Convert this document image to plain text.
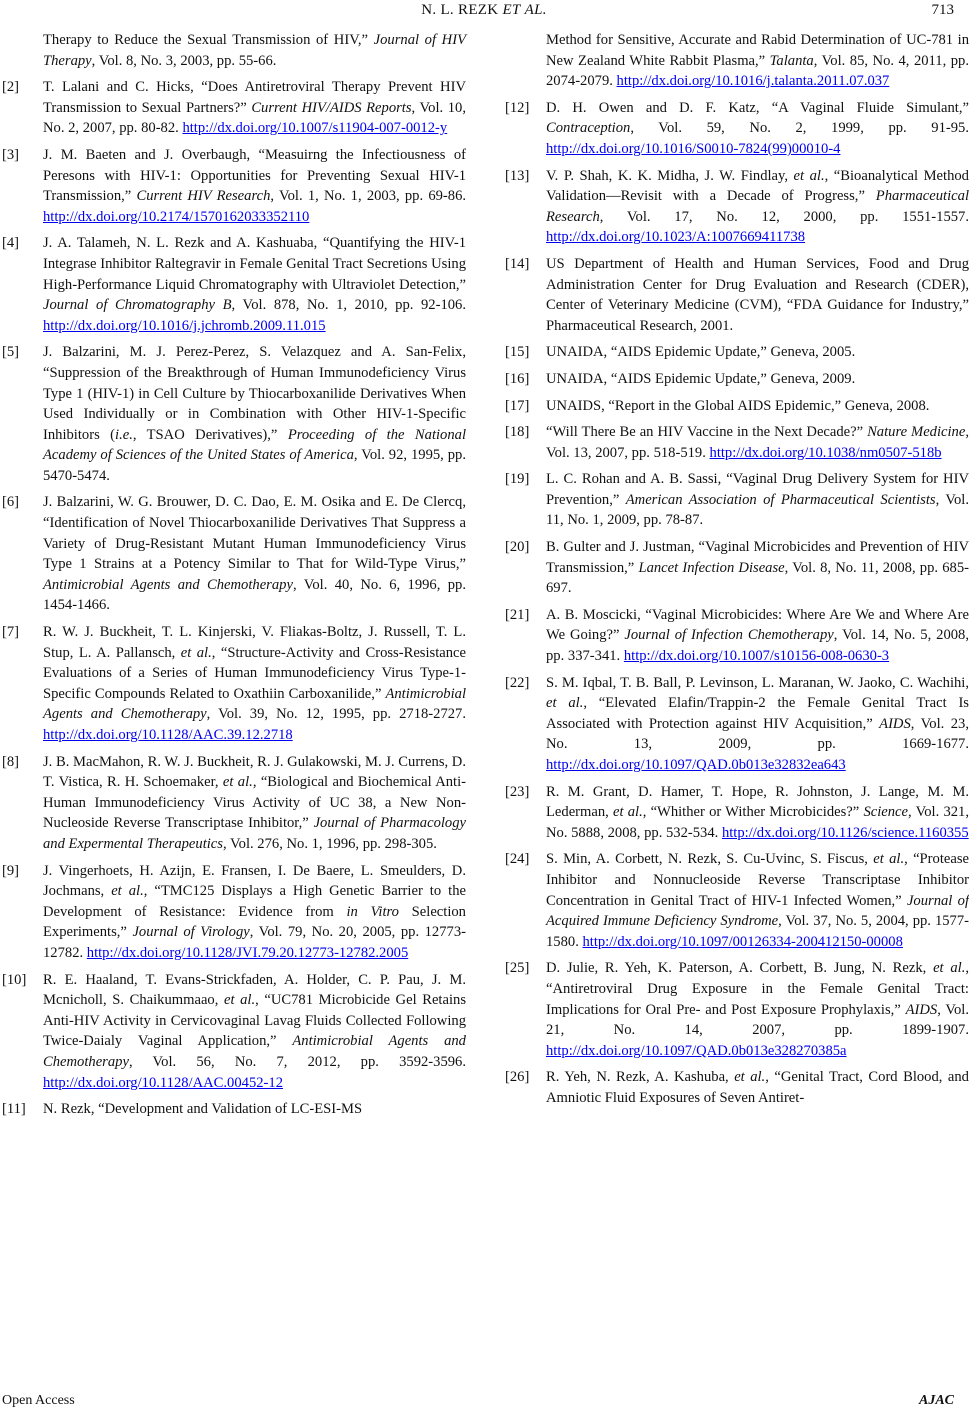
N. L. REZK ET AL.	713
Therapy to Reduce the Sexual Transmission of HIV,” Journal of HIV Therapy, Vol. 8, No. 3, 2003, pp. 55-66.
[2] T. Lalani and C. Hicks, “Does Antiretroviral Therapy Prevent HIV Transmission to Sexual Partners?” Current HIV/AIDS Reports, Vol. 10, No. 2, 2007, pp. 80-82. http://dx.doi.org/10.1007/s11904-007-0012-y
[3] J. M. Baeten and J. Overbaugh, “Measuirng the Infectiousness of Peresons with HIV-1: Opportunities for Preventing Sexual HIV-1 Transmission,” Current HIV Research, Vol. 1, No. 1, 2003, pp. 69-86. http://dx.doi.org/10.2174/1570162033352110
[4] J. A. Talameh, N. L. Rezk and A. Kashuaba, “Quantifying the HIV-1 Integrase Inhibitor Raltegravir in Female Genital Tract Secretions Using High-Performance Liquid Chromatography with Ultraviolet Detection,” Journal of Chromatography B, Vol. 878, No. 1, 2010, pp. 92-106. http://dx.doi.org/10.1016/j.jchromb.2009.11.015
[5] J. Balzarini, M. J. Perez-Perez, S. Velazquez and A. San-Felix, “Suppression of the Breakthrough of Human Immunodeficiency Virus Type 1 (HIV-1) in Cell Culture by Thiocarboxanilide Derivatives When Used Individually or in Combination with Other HIV-1-Specific Inhibitors (i.e., TSAO Derivatives),” Proceeding of the National Academy of Sciences of the United States of America, Vol. 92, 1995, pp. 5470-5474.
[6] J. Balzarini, W. G. Brouwer, D. C. Dao, E. M. Osika and E. De Clercq, “Identification of Novel Thiocarboxanilide Derivatives That Suppress a Variety of Drug-Resistant Mutant Human Immunodeficiency Virus Type 1 Strains at a Potency Similar to That for Wild-Type Virus,” Antimicrobial Agents and Chemotherapy, Vol. 40, No. 6, 1996, pp. 1454-1466.
[7] R. W. J. Buckheit, T. L. Kinjerski, V. Fliakas-Boltz, J. Russell, T. L. Stup, L. A. Pallansch, et al., “Structure-Activity and Cross-Resistance Evaluations of a Series of Human Immunodeficiency Virus Type-1-Specific Compounds Related to Oxathiin Carboxanilide,” Antimicrobial Agents and Chemotherapy, Vol. 39, No. 12, 1995, pp. 2718-2727. http://dx.doi.org/10.1128/AAC.39.12.2718
[8] J. B. MacMahon, R. W. J. Buckheit, R. J. Gulakowski, M. J. Currens, D. T. Vistica, R. H. Schoemaker, et al., “Biological and Biochemical Anti-Human Immunodeficiency Virus Activity of UC 38, a New Non-Nucleoside Reverse Transcriptase Inhibitor,” Journal of Pharmacology and Expermental Therapeutics, Vol. 276, No. 1, 1996, pp. 298-305.
[9] J. Vingerhoets, H. Azijn, E. Fransen, I. De Baere, L. Smeulders, D. Jochmans, et al., “TMC125 Displays a High Genetic Barrier to the Development of Resistance: Evidence from in Vitro Selection Experiments,” Journal of Virology, Vol. 79, No. 20, 2005, pp. 12773-12782. http://dx.doi.org/10.1128/JVI.79.20.12773-12782.2005
[10] R. E. Haaland, T. Evans-Strickfaden, A. Holder, C. P. Pau, J. M. Mcnicholl, S. Chaikummaao, et al., “UC781 Microbicide Gel Retains Anti-HIV Activity in Cervicovaginal Lavag Fluids Collected Following Twice-Daialy Vaginal Application,” Antimicrobial Agents and Chemotherapy, Vol. 56, No. 7, 2012, pp. 3592-3596. http://dx.doi.org/10.1128/AAC.00452-12
[11] N. Rezk, “Development and Validation of LC-ESI-MS
Method for Sensitive, Accurate and Rabid Determination of UC-781 in New Zealand White Rabbit Plasma,” Talanta, Vol. 85, No. 4, 2011, pp. 2074-2079. http://dx.doi.org/10.1016/j.talanta.2011.07.037
[12] D. H. Owen and D. F. Katz, “A Vaginal Fluide Simulant,” Contraception, Vol. 59, No. 2, 1999, pp. 91-95. http://dx.doi.org/10.1016/S0010-7824(99)00010-4
[13] V. P. Shah, K. K. Midha, J. W. Findlay, et al., “Bioanalytical Method Validation—Revisit with a Decade of Progress,” Pharmaceutical Research, Vol. 17, No. 12, 2000, pp. 1551-1557. http://dx.doi.org/10.1023/A:1007669411738
[14] US Department of Health and Human Services, Food and Drug Administration Center for Drug Evaluation and Research (CDER), Center of Veterinary Medicine (CVM), “FDA Guidance for Industry,” Pharmaceutical Research, 2001.
[15] UNAIDA, “AIDS Epidemic Update,” Geneva, 2005.
[16] UNAIDA, “AIDS Epidemic Update,” Geneva, 2009.
[17] UNAIDS, “Report in the Global AIDS Epidemic,” Geneva, 2008.
[18] “Will There Be an HIV Vaccine in the Next Decade?” Nature Medicine, Vol. 13, 2007, pp. 518-519. http://dx.doi.org/10.1038/nm0507-518b
[19] L. C. Rohan and A. B. Sassi, “Vaginal Drug Delivery System for HIV Prevention,” American Association of Pharmaceutical Scientists, Vol. 11, No. 1, 2009, pp. 78-87.
[20] B. Gulter and J. Justman, “Vaginal Microbicides and Prevention of HIV Transmission,” Lancet Infection Disease, Vol. 8, No. 11, 2008, pp. 685-697.
[21] A. B. Moscicki, “Vaginal Microbicides: Where Are We and Where Are We Going?” Journal of Infection Chemotherapy, Vol. 14, No. 5, 2008, pp. 337-341. http://dx.doi.org/10.1007/s10156-008-0630-3
[22] S. M. Iqbal, T. B. Ball, P. Levinson, L. Maranan, W. Jaoko, C. Wachihi, et al., “Elevated Elafin/Trappin-2 the Female Genital Tract Is Associated with Protection against HIV Acquisition,” AIDS, Vol. 23, No. 13, 2009, pp. 1669-1677. http://dx.doi.org/10.1097/QAD.0b013e32832ea643
[23] R. M. Grant, D. Hamer, T. Hope, R. Johnston, J. Lange, M. M. Lederman, et al., “Whither or Wither Microbicides?” Science, Vol. 321, No. 5888, 2008, pp. 532-534. http://dx.doi.org/10.1126/science.1160355
[24] S. Min, A. Corbett, N. Rezk, S. Cu-Uvinc, S. Fiscus, et al., “Protease Inhibitor and Nonnucleoside Reverse Transcriptase Inhibitor Concentration in Genital Tract of HIV-1 Infected Women,” Journal of Acquired Immune Deficiency Syndrome, Vol. 37, No. 5, 2004, pp. 1577-1580. http://dx.doi.org/10.1097/00126334-200412150-00008
[25] D. Julie, R. Yeh, K. Paterson, A. Corbett, B. Jung, N. Rezk, et al., “Antiretroviral Drug Exposure in the Female Genital Tract: Implications for Oral Pre- and Post Exposure Prophylaxis,” AIDS, Vol. 21, No. 14, 2007, pp. 1899-1907. http://dx.doi.org/10.1097/QAD.0b013e328270385a
[26] R. Yeh, N. Rezk, A. Kashuba, et al., “Genital Tract, Cord Blood, and Amniotic Fluid Exposures of Seven Antiret-
Open Access	AJAC
